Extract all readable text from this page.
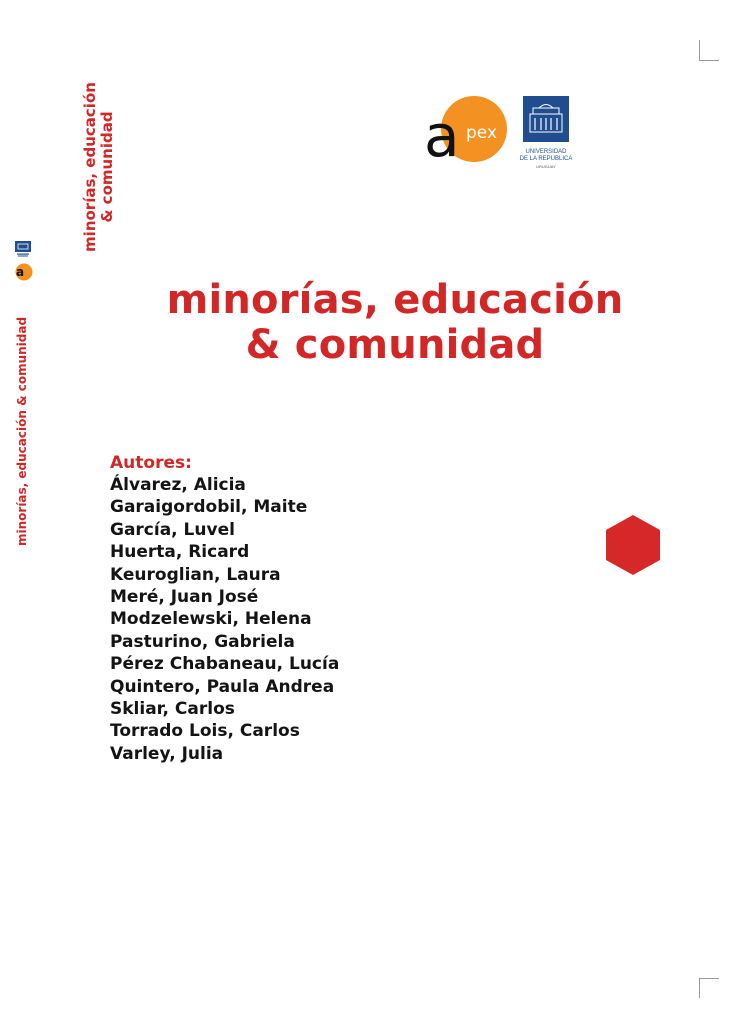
minorías, educación & comunidad
a
minorías, educación & comunidad
a pex
UNIVERSIDAD
DE LA REPUBLICA
URUGUAY
minorías, educación
& comunidad
Autores:
Álvarez, Alicia
Garaigordobil, Maite
García, Luvel
Huerta, Ricard
Keuroglian, Laura
Meré, Juan José
Modzelewski, Helena
Pasturino, Gabriela
Pérez Chabaneau, Lucía
Quintero, Paula Andrea
Skliar, Carlos
Torrado Lois, Carlos
Varley, Julia
